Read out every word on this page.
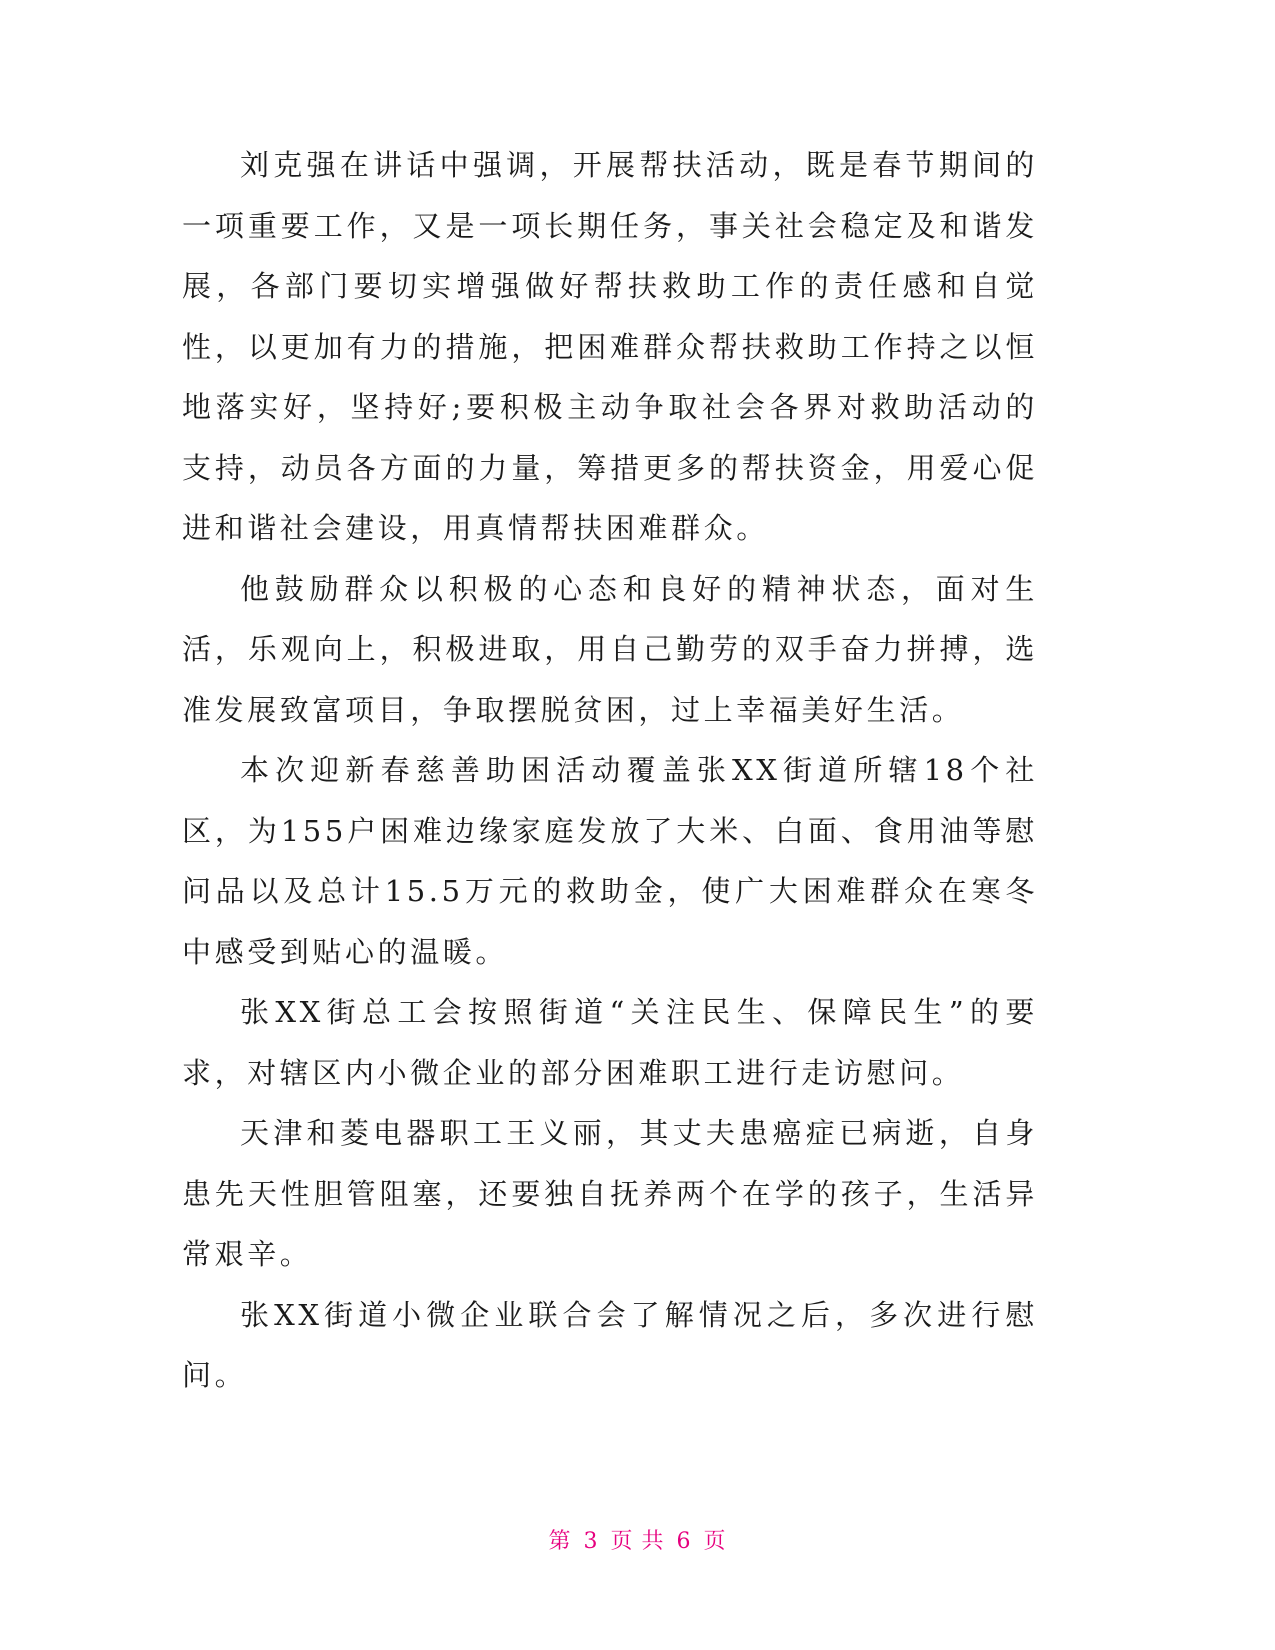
刘克强在讲话中强调，开展帮扶活动，既是春节期间的一项重要工作，又是一项长期任务，事关社会稳定及和谐发展，各部门要切实增强做好帮扶救助工作的责任感和自觉性，以更加有力的措施，把困难群众帮扶救助工作持之以恒地落实好，坚持好;要积极主动争取社会各界对救助活动的支持，动员各方面的力量，筹措更多的帮扶资金，用爱心促进和谐社会建设，用真情帮扶困难群众。

他鼓励群众以积极的心态和良好的精神状态，面对生活，乐观向上，积极进取，用自己勤劳的双手奋力拼搏，选准发展致富项目，争取摆脱贫困，过上幸福美好生活。

本次迎新春慈善助困活动覆盖张XX街道所辖18个社区，为155户困难边缘家庭发放了大米、白面、食用油等慰问品以及总计15.5万元的救助金，使广大困难群众在寒冬中感受到贴心的温暖。

张XX街总工会按照街道“关注民生、保障民生”的要求，对辖区内小微企业的部分困难职工进行走访慰问。

天津和菱电器职工王义丽，其丈夫患癌症已病逝，自身患先天性胆管阻塞，还要独自抚养两个在学的孩子，生活异常艰辛。

张XX街道小微企业联合会了解情况之后，多次进行慰问。

第 3 页 共 6 页
